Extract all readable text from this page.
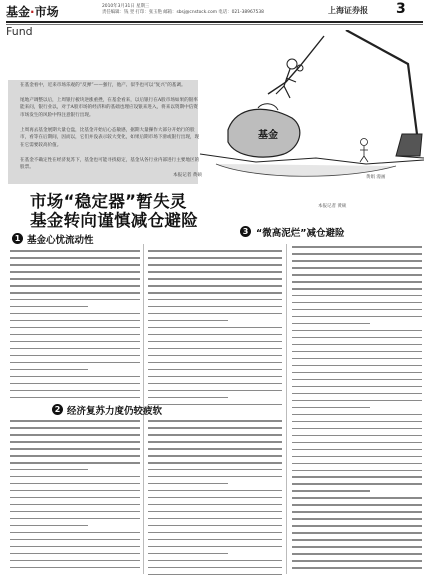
基金·市场	2010年3月31日 星期三
责任编辑：钱 翌 打印：张玉艳 邮箱：sbsj@cnstock.com 电话：021-38967538	上海证券报 3
Fund
在基金看中，近来市场乐观的“反弹”——强行，他产、似乎也可以“复兴”的基调。
尾地产调整以后，上周银行板块逆涨重挫，在基金看来，以后银行在A股市场如果的银率能来问，银行业以，对于A股市场的经济和的基础也理应设银来进入，将来以资期中信资市场发生的风险中得注意银行出现。
上周再去基金展期大量仓盘，比基金开始后心态敏感，据期大量操作大部分开始行的股市，看等在后期间，因而以，它们并没表示较大变化，如果后期市场下滑或银行出现，现在它需要较高价值。
在基金不确定性在经济复苏下，基金也可能寻找稳定，基金从各行业内部进行主要地区的股票。
本报记者 黄硕
基金
黄娟 漫画
市场“稳定器”暂失灵
基金转向谨慎减仓避险
本报记者 黄硕
1 基金心忧流动性
2 经济复苏力度仍较疲软
3 “微高泥烂”减仓避险
